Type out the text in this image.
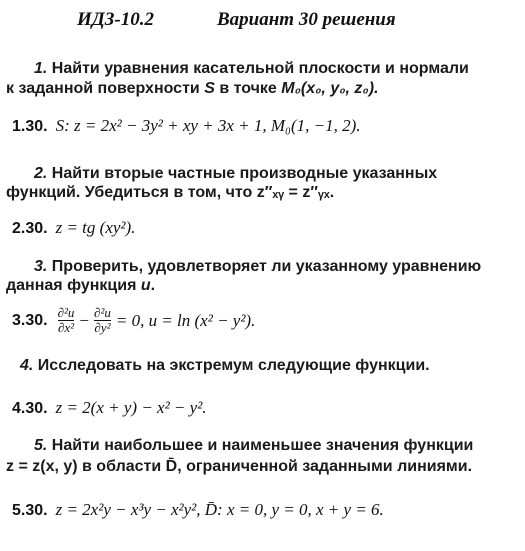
ИДЗ-10.2	Вариант 30 решения
1. Найти уравнения касательной плоскости и нормали
к заданной поверхности S в точке M₀(x₀, y₀, z₀).
1.30. S: z = 2x² − 3y² + xy + 3x + 1, M₀(1, −1, 2).
2. Найти вторые частные производные указанных
функций. Убедиться в том, что z″ₓᵧ = z″ᵧₓ.
2.30. z = tg (xy²).
3. Проверить, удовлетворяет ли указанному уравнению
данная функция u.
3.30. $\frac{\text{∂²u}}{\text{∂x²}} - \frac{\text{∂²u}}{\text{∂y²}} = 0$, u = ln (x² − y²).
4. Исследовать на экстремум следующие функции.
4.30. z = 2(x + y) − x² − y².
5. Найти наибольшее и наименьшее значения функции
z = z(x, y) в области D̄, ограниченной заданными линиями.
5.30. z = 2x²y − x³y − x²y², D̄: x = 0, y = 0, x + y = 6.
